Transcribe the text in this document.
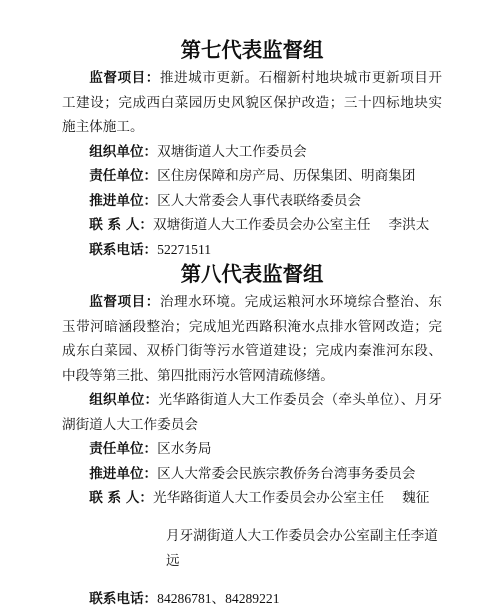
第七代表监督组

监督项目：推进城市更新。石榴新村地块城市更新项目开工建设；完成西白菜园历史风貌区保护改造；三十四标地块实施主体施工。

组织单位：双塘街道人大工作委员会

责任单位：区住房保障和房产局、历保集团、明商集团

推进单位：区人大常委会人事代表联络委员会

联 系 人：双塘街道人大工作委员会办公室主任 李洪太

联系电话：52271511

第八代表监督组

监督项目：治理水环境。完成运粮河水环境综合整治、东玉带河暗涵段整治；完成旭光西路积淹水点排水管网改造；完成东白菜园、双桥门街等污水管道建设；完成内秦淮河东段、中段等第三批、第四批雨污水管网清疏修缮。

组织单位：光华路街道人大工作委员会（牵头单位）、月牙湖街道人大工作委员会

责任单位：区水务局

推进单位：区人大常委会民族宗教侨务台湾事务委员会

联 系 人：光华路街道人大工作委员会办公室主任 魏征

月牙湖街道人大工作委员会办公室副主任李道远

联系电话：84286781、84289221
